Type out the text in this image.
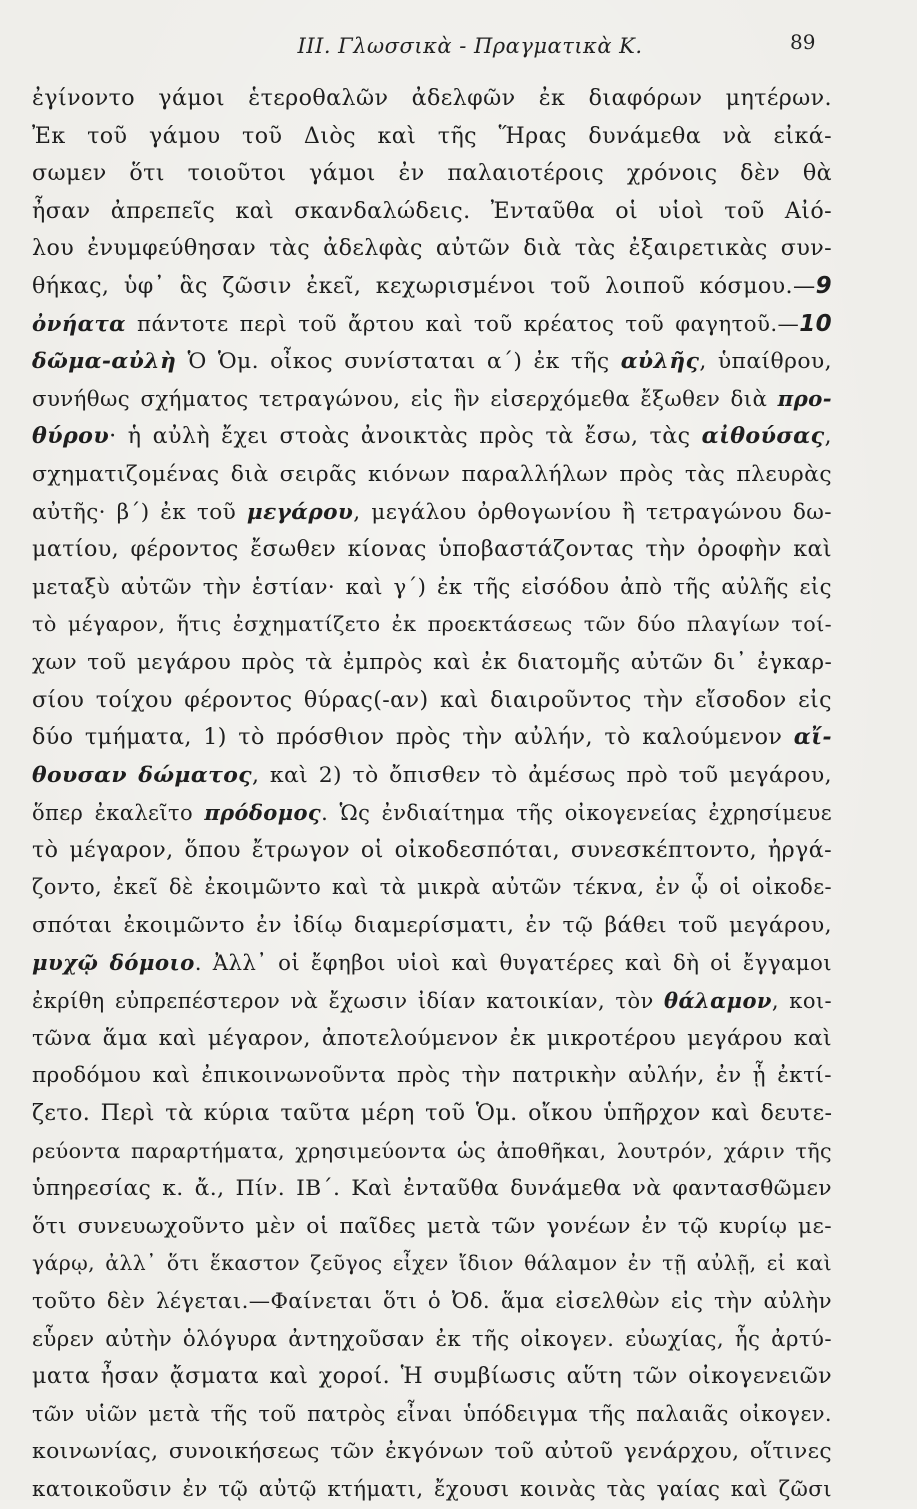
ΙΙΙ. Γλωσσικὰ - Πραγματικὰ Κ.	89
ἐγίνοντο γάμοι ἑτεροθαλῶν ἀδελφῶν ἐκ διαφόρων μητέρων.
Ἐκ τοῦ γάμου τοῦ Διὸς καὶ τῆς Ἥρας δυνάμεθα νὰ εἰκά-
σωμεν ὅτι τοιοῦτοι γάμοι ἐν παλαιοτέροις χρόνοις δὲν θὰ
ἦσαν ἀπρεπεῖς καὶ σκανδαλώδεις. Ἐνταῦθα οἱ υἱοὶ τοῦ Αἰό-
λου ἐνυμφεύθησαν τὰς ἀδελφὰς αὐτῶν διὰ τὰς ἐξαιρετικὰς συν-
θήκας, ὑφ᾽ ἃς ζῶσιν ἐκεῖ, κεχωρισμένοι τοῦ λοιποῦ κόσμου.—9
ὀνήατα πάντοτε περὶ τοῦ ἄρτου καὶ τοῦ κρέατος τοῦ φαγητοῦ.—10
δῶμα-αὐλὴ Ὁ Ὁμ. οἶκος συνίσταται α΄) ἐκ τῆς αὐλῆς, ὑπαίθρου,
συνήθως σχήματος τετραγώνου, εἰς ἣν εἰσερχόμεθα ἔξωθεν διὰ προ-
θύρου· ἡ αὐλὴ ἔχει στοὰς ἀνοικτὰς πρὸς τὰ ἔσω, τὰς αἰθούσας,
σχηματιζομένας διὰ σειρᾶς κιόνων παραλλήλων πρὸς τὰς πλευρὰς
αὐτῆς· β΄) ἐκ τοῦ μεγάρου, μεγάλου ὀρθογωνίου ἢ τετραγώνου δω-
ματίου, φέροντος ἔσωθεν κίονας ὑποβαστάζοντας τὴν ὀροφὴν καὶ
μεταξὺ αὐτῶν τὴν ἑστίαν· καὶ γ΄) ἐκ τῆς εἰσόδου ἀπὸ τῆς αὐλῆς εἰς
τὸ μέγαρον, ἥτις ἐσχηματίζετο ἐκ προεκτάσεως τῶν δύο πλαγίων τοί-
χων τοῦ μεγάρου πρὸς τὰ ἐμπρὸς καὶ ἐκ διατομῆς αὐτῶν δι᾽ ἐγκαρ-
σίου τοίχου φέροντος θύρας(-αν) καὶ διαιροῦντος τὴν εἴσοδον εἰς
δύο τμήματα, 1) τὸ πρόσθιον πρὸς τὴν αὐλήν, τὸ καλούμενον αἴ-
θουσαν δώματος, καὶ 2) τὸ ὄπισθεν τὸ ἀμέσως πρὸ τοῦ μεγάρου,
ὅπερ ἐκαλεῖτο πρόδομος. Ὡς ἐνδιαίτημα τῆς οἰκογενείας ἐχρησίμευε
τὸ μέγαρον, ὅπου ἔτρωγον οἱ οἰκοδεσπόται, συνεσκέπτοντο, ἠργά-
ζοντο, ἐκεῖ δὲ ἐκοιμῶντο καὶ τὰ μικρὰ αὐτῶν τέκνα, ἐν ᾧ οἱ οἰκοδε-
σπόται ἐκοιμῶντο ἐν ἰδίῳ διαμερίσματι, ἐν τῷ βάθει τοῦ μεγάρου,
μυχῷ δόμοιο. Ἀλλ᾽ οἱ ἔφηβοι υἱοὶ καὶ θυγατέρες καὶ δὴ οἱ ἔγγαμοι
ἐκρίθη εὐπρεπέστερον νὰ ἔχωσιν ἰδίαν κατοικίαν, τὸν θάλαμον, κοι-
τῶνα ἅμα καὶ μέγαρον, ἀποτελούμενον ἐκ μικροτέρου μεγάρου καὶ
προδόμου καὶ ἐπικοινωνοῦντα πρὸς τὴν πατρικὴν αὐλήν, ἐν ᾗ ἐκτί-
ζετο. Περὶ τὰ κύρια ταῦτα μέρη τοῦ Ὁμ. οἴκου ὑπῆρχον καὶ δευτε-
ρεύοντα παραρτήματα, χρησιμεύοντα ὡς ἀποθῆκαι, λουτρόν, χάριν τῆς
ὑπηρεσίας κ. ἄ., Πίν. ΙΒ΄. Καὶ ἐνταῦθα δυνάμεθα νὰ φαντασθῶμεν
ὅτι συνευωχοῦντο μὲν οἱ παῖδες μετὰ τῶν γονέων ἐν τῷ κυρίῳ με-
γάρῳ, ἀλλ᾽ ὅτι ἕκαστον ζεῦγος εἶχεν ἴδιον θάλαμον ἐν τῇ αὐλῇ, εἰ καὶ
τοῦτο δὲν λέγεται.—Φαίνεται ὅτι ὁ Ὀδ. ἅμα εἰσελθὼν εἰς τὴν αὐλὴν
εὗρεν αὐτὴν ὁλόγυρα ἀντηχοῦσαν ἐκ τῆς οἰκογεν. εὐωχίας, ἧς ἀρτύ-
ματα ἦσαν ᾄσματα καὶ χοροί. Ἡ συμβίωσις αὕτη τῶν οἰκογενειῶν
τῶν υἱῶν μετὰ τῆς τοῦ πατρὸς εἶναι ὑπόδειγμα τῆς παλαιᾶς οἰκογεν.
κοινωνίας, συνοικήσεως τῶν ἐκγόνων τοῦ αὐτοῦ γενάρχου, οἵτινες
κατοικοῦσιν ἐν τῷ αὐτῷ κτήματι, ἔχουσι κοινὰς τὰς γαίας καὶ ζῶσι
